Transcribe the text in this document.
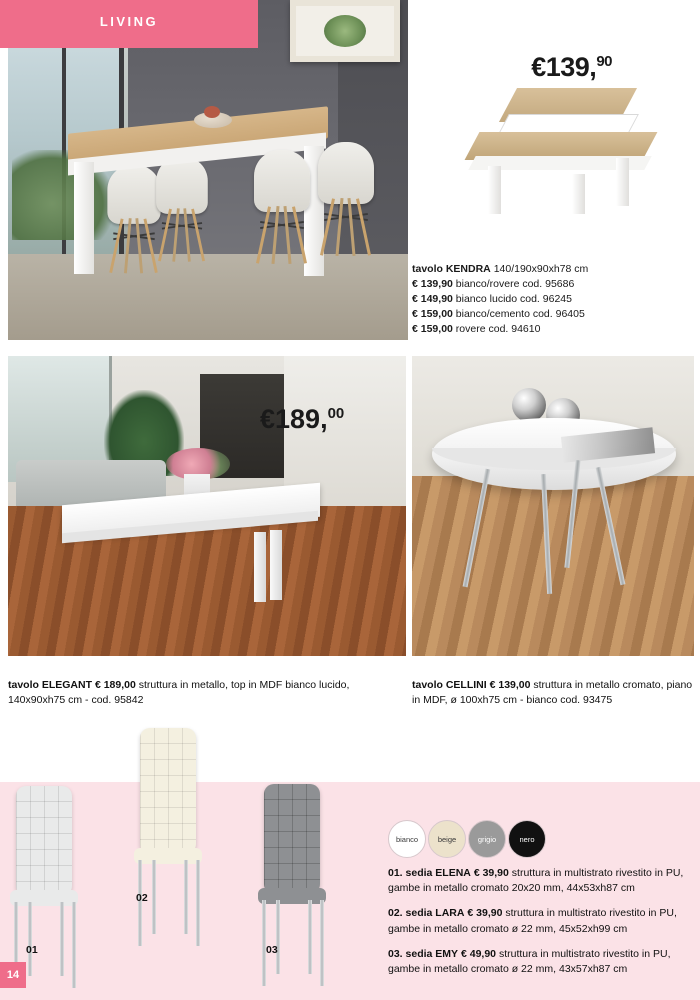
LIVING
€139,90
tavolo KENDRA 140/190x90xh78 cm
€ 139,90 bianco/rovere cod. 95686
€ 149,90 bianco lucido cod. 96245
€ 159,00 bianco/cemento cod. 96405
€ 159,00 rovere cod. 94610
€189,00
tavolo ELEGANT € 189,00 struttura in metallo, top in MDF bianco lucido, 140x90xh75 cm - cod. 95842
tavolo CELLINI € 139,00 struttura in metallo cromato, piano in MDF, ø 100xh75 cm - bianco cod. 93475
01
02
03
bianco	beige	grigio	nero
01. sedia ELENA € 39,90 struttura in multistrato rivestito in PU, gambe in metallo cromato 20x20 mm, 44x53xh87 cm
02. sedia LARA € 39,90 struttura in multistrato rivestito in PU, gambe in metallo cromato ø 22 mm, 45x52xh99 cm
03. sedia EMY € 49,90 struttura in multistrato rivestito in PU, gambe in metallo cromato ø 22 mm, 43x57xh87 cm
14
